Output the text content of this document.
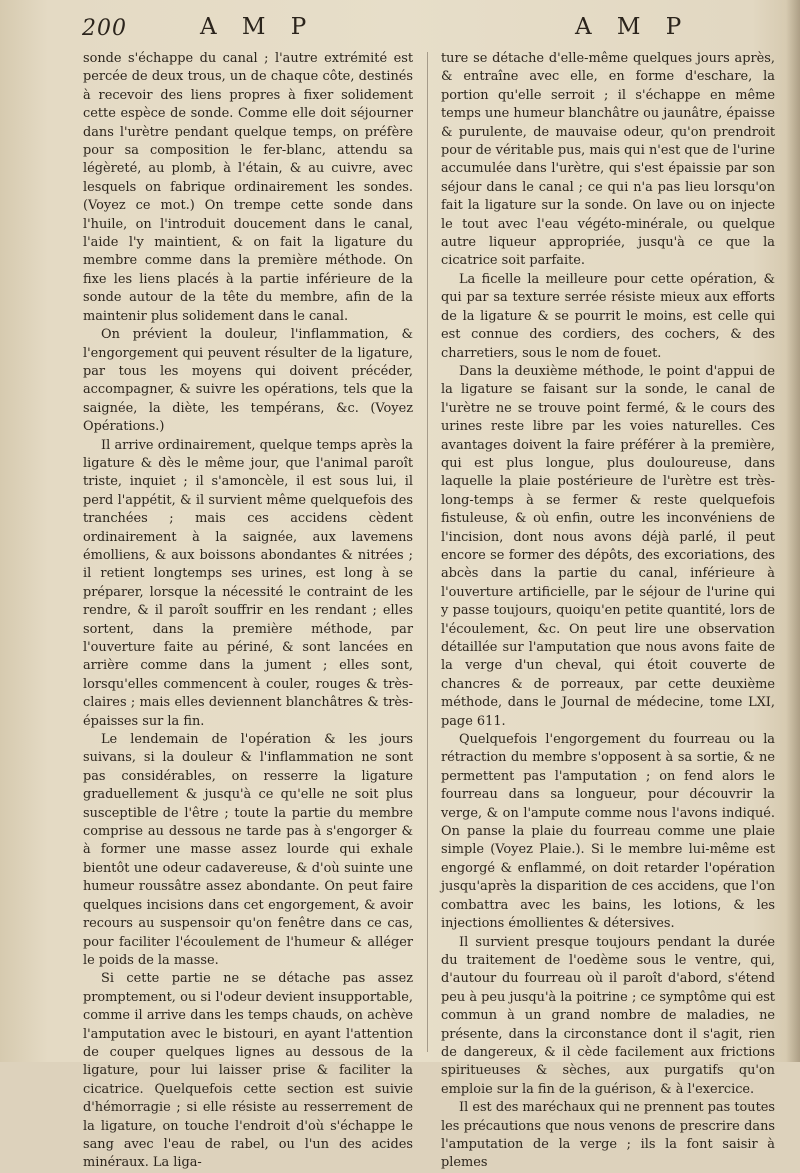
200	A M P	A M P

sonde s'échappe du canal ; l'autre extrémité est percée de deux trous, un de chaque côte, destinés à recevoir des liens propres à fixer solidement cette espèce de sonde. Comme elle doit séjourner dans l'urètre pendant quelque temps, on préfère pour sa composition le fer-blanc, attendu sa légèreté, au plomb, à l'étain, & au cuivre, avec lesquels on fabrique ordinairement les sondes. (Voyez ce mot.) On trempe cette sonde dans l'huile, on l'introduit doucement dans le canal, l'aide l'y maintient, & on fait la ligature du membre comme dans la première méthode. On fixe les liens placés à la partie inférieure de la sonde autour de la tête du membre, afin de la maintenir plus solidement dans le canal.

On prévient la douleur, l'inflammation, & l'engorgement qui peuvent résulter de la ligature, par tous les moyens qui doivent précéder, accompagner, & suivre les opérations, tels que la saignée, la diète, les tempérans, &c. (Voyez Opérations.)

Il arrive ordinairement, quelque temps après la ligature & dès le même jour, que l'animal paroît triste, inquiet ; il s'amoncèle, il est sous lui, il perd l'appétit, & il survient même quelquefois des tranchées ; mais ces accidens cèdent ordinairement à la saignée, aux lavemens émolliens, & aux boissons abondantes & nitrées ; il retient longtemps ses urines, est long à se préparer, lorsque la nécessité le contraint de les rendre, & il paroît souffrir en les rendant ; elles sortent, dans la première méthode, par l'ouverture faite au périné, & sont lancées en arrière comme dans la jument ; elles sont, lorsqu'elles commencent à couler, rouges & très-claires ; mais elles deviennent blanchâtres & très-épaisses sur la fin.

Le lendemain de l'opération & les jours suivans, si la douleur & l'inflammation ne sont pas considérables, on resserre la ligature graduellement & jusqu'à ce qu'elle ne soit plus susceptible de l'être ; toute la partie du membre comprise au dessous ne tarde pas à s'engorger & à former une masse assez lourde qui exhale bientôt une odeur cadavereuse, & d'où suinte une humeur roussâtre assez abondante. On peut faire quelques incisions dans cet engorgement, & avoir recours au suspensoir qu'on fenêtre dans ce cas, pour faciliter l'écoulement de l'humeur & alléger le poids de la masse.

Si cette partie ne se détache pas assez promptement, ou si l'odeur devient insupportable, comme il arrive dans les temps chauds, on achève l'amputation avec le bistouri, en ayant l'attention de couper quelques lignes au dessous de la ligature, pour lui laisser prise & faciliter la cicatrice. Quelquefois cette section est suivie d'hémorragie ; si elle résiste au resserrement de la ligature, on touche l'endroit d'où s'échappe le sang avec l'eau de rabel, ou l'un des acides minéraux. La liga-

ture se détache d'elle-même quelques jours après, & entraîne avec elle, en forme d'eschare, la portion qu'elle serroit ; il s'échappe en même temps une humeur blanchâtre ou jaunâtre, épaisse & purulente, de mauvaise odeur, qu'on prendroit pour de véritable pus, mais qui n'est que de l'urine accumulée dans l'urètre, qui s'est épaissie par son séjour dans le canal ; ce qui n'a pas lieu lorsqu'on fait la ligature sur la sonde. On lave ou on injecte le tout avec l'eau végéto-minérale, ou quelque autre liqueur appropriée, jusqu'à ce que la cicatrice soit parfaite.

La ficelle la meilleure pour cette opération, & qui par sa texture serrée résiste mieux aux efforts de la ligature & se pourrit le moins, est celle qui est connue des cordiers, des cochers, & des charretiers, sous le nom de fouet.

Dans la deuxième méthode, le point d'appui de la ligature se faisant sur la sonde, le canal de l'urètre ne se trouve point fermé, & le cours des urines reste libre par les voies naturelles. Ces avantages doivent la faire préférer à la première, qui est plus longue, plus douloureuse, dans laquelle la plaie postérieure de l'urètre est très-long-temps à se fermer & reste quelquefois fistuleuse, & où enfin, outre les inconvéniens de l'incision, dont nous avons déjà parlé, il peut encore se former des dépôts, des excoriations, des abcès dans la partie du canal, inférieure à l'ouverture artificielle, par le séjour de l'urine qui y passe toujours, quoiqu'en petite quantité, lors de l'écoulement, &c. On peut lire une observation détaillée sur l'amputation que nous avons faite de la verge d'un cheval, qui étoit couverte de chancres & de porreaux, par cette deuxième méthode, dans le Journal de médecine, tome LXI, page 611.

Quelquefois l'engorgement du fourreau ou la rétraction du membre s'opposent à sa sortie, & ne permettent pas l'amputation ; on fend alors le fourreau dans sa longueur, pour découvrir la verge, & on l'ampute comme nous l'avons indiqué. On panse la plaie du fourreau comme une plaie simple (Voyez Plaie.). Si le membre lui-même est engorgé & enflammé, on doit retarder l'opération jusqu'après la disparition de ces accidens, que l'on combattra avec les bains, les lotions, & les injections émollientes & détersives.

Il survient presque toujours pendant la durée du traitement de l'oedème sous le ventre, qui, d'autour du fourreau où il paroît d'abord, s'étend peu à peu jusqu'à la poitrine ; ce symptôme qui est commun à un grand nombre de maladies, ne présente, dans la circonstance dont il s'agit, rien de dangereux, & il cède facilement aux frictions spiritueuses & sèches, aux purgatifs qu'on emploie sur la fin de la guérison, & à l'exercice.

Il est des maréchaux qui ne prennent pas toutes les précautions que nous venons de prescrire dans l'amputation de la verge ; ils la font saisir à plemes
